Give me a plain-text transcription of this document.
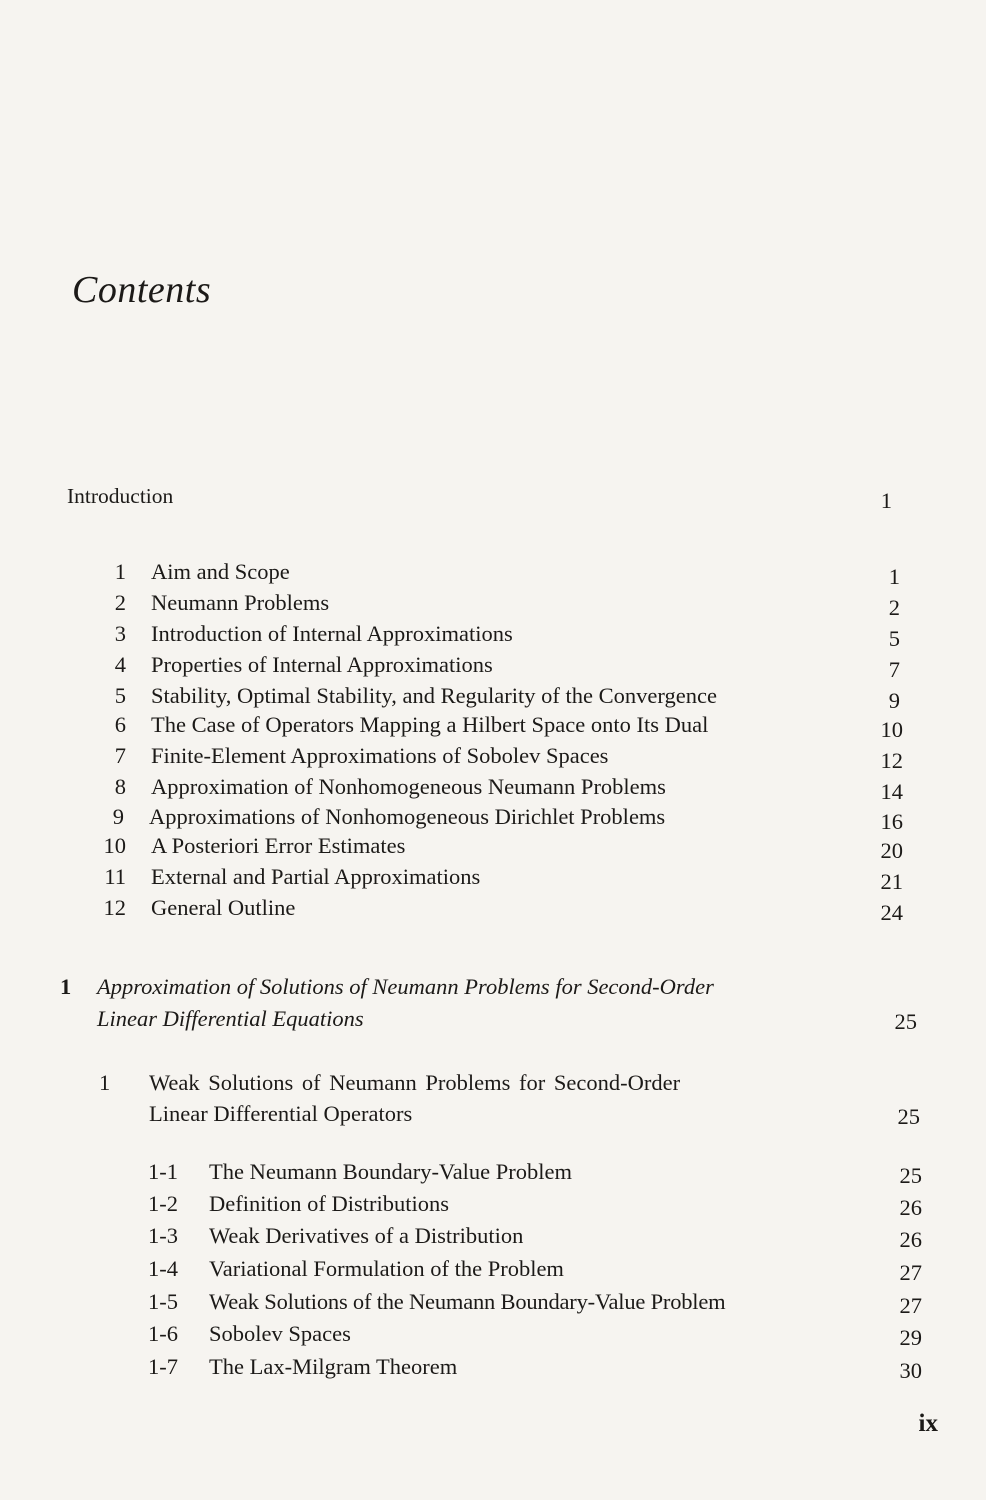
Contents
Introduction	1
1 Aim and Scope	1
2 Neumann Problems	2
3 Introduction of Internal Approximations	5
4 Properties of Internal Approximations	7
5 Stability, Optimal Stability, and Regularity of the Convergence	9
6 The Case of Operators Mapping a Hilbert Space onto Its Dual	10
7 Finite-Element Approximations of Sobolev Spaces	12
8 Approximation of Nonhomogeneous Neumann Problems	14
9 Approximations of Nonhomogeneous Dirichlet Problems	16
10 A Posteriori Error Estimates	20
11 External and Partial Approximations	21
12 General Outline	24
1 Approximation of Solutions of Neumann Problems for Second-Order
Linear Differential Equations	25
1 Weak Solutions of Neumann Problems for Second-Order
Linear Differential Operators	25
1-1 The Neumann Boundary-Value Problem	25
1-2 Definition of Distributions	26
1-3 Weak Derivatives of a Distribution	26
1-4 Variational Formulation of the Problem	27
1-5 Weak Solutions of the Neumann Boundary-Value Problem	27
1-6 Sobolev Spaces	29
1-7 The Lax-Milgram Theorem	30
ix
